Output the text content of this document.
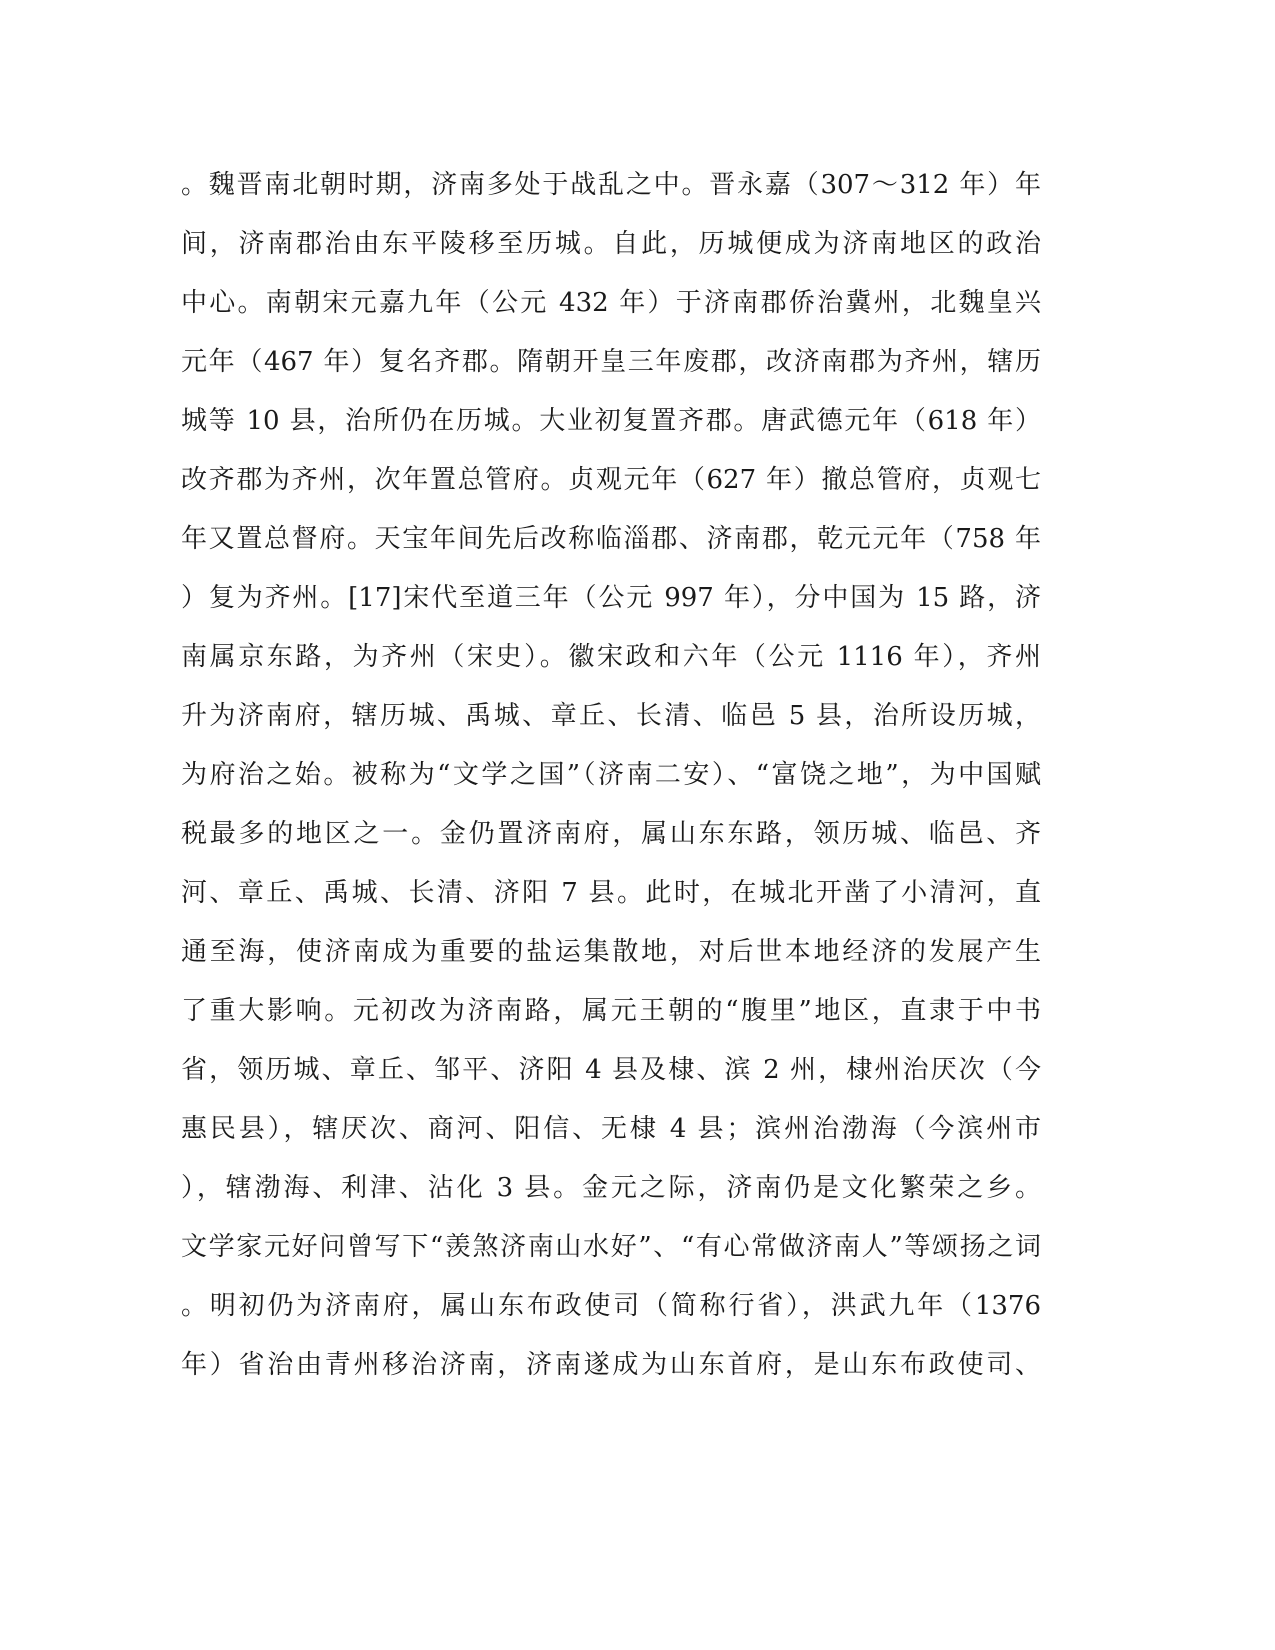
。魏晋南北朝时期，济南多处于战乱之中。晋永嘉（307～312 年）年
间，济南郡治由东平陵移至历城。自此，历城便成为济南地区的政治
中心。南朝宋元嘉九年（公元 432 年）于济南郡侨治冀州，北魏皇兴
元年（467 年）复名齐郡。隋朝开皇三年废郡，改济南郡为齐州，辖历
城等 10 县，治所仍在历城。大业初复置齐郡。唐武德元年（618 年）
改齐郡为齐州，次年置总管府。贞观元年（627 年）撤总管府，贞观七
年又置总督府。天宝年间先后改称临淄郡、济南郡，乾元元年（758 年
）复为齐州。[17]宋代至道三年（公元 997 年），分中国为 15 路，济
南属京东路，为齐州（宋史）。徽宋政和六年（公元 1116 年），齐州
升为济南府，辖历城、禹城、章丘、长清、临邑 5 县，治所设历城，
为府治之始。被称为“文学之国”（济南二安）、“富饶之地”，为中国赋
税最多的地区之一。金仍置济南府，属山东东路，领历城、临邑、齐
河、章丘、禹城、长清、济阳 7 县。此时，在城北开凿了小清河，直
通至海，使济南成为重要的盐运集散地，对后世本地经济的发展产生
了重大影响。元初改为济南路，属元王朝的“腹里”地区，直隶于中书
省，领历城、章丘、邹平、济阳 4 县及棣、滨 2 州，棣州治厌次（今
惠民县），辖厌次、商河、阳信、无棣 4 县；滨州治渤海（今滨州市
），辖渤海、利津、沾化 3 县。金元之际，济南仍是文化繁荣之乡。
文学家元好问曾写下“羡煞济南山水好”、“有心常做济南人”等颂扬之词
。明初仍为济南府，属山东布政使司（简称行省），洪武九年（1376
年）省治由青州移治济南，济南遂成为山东首府，是山东布政使司、
